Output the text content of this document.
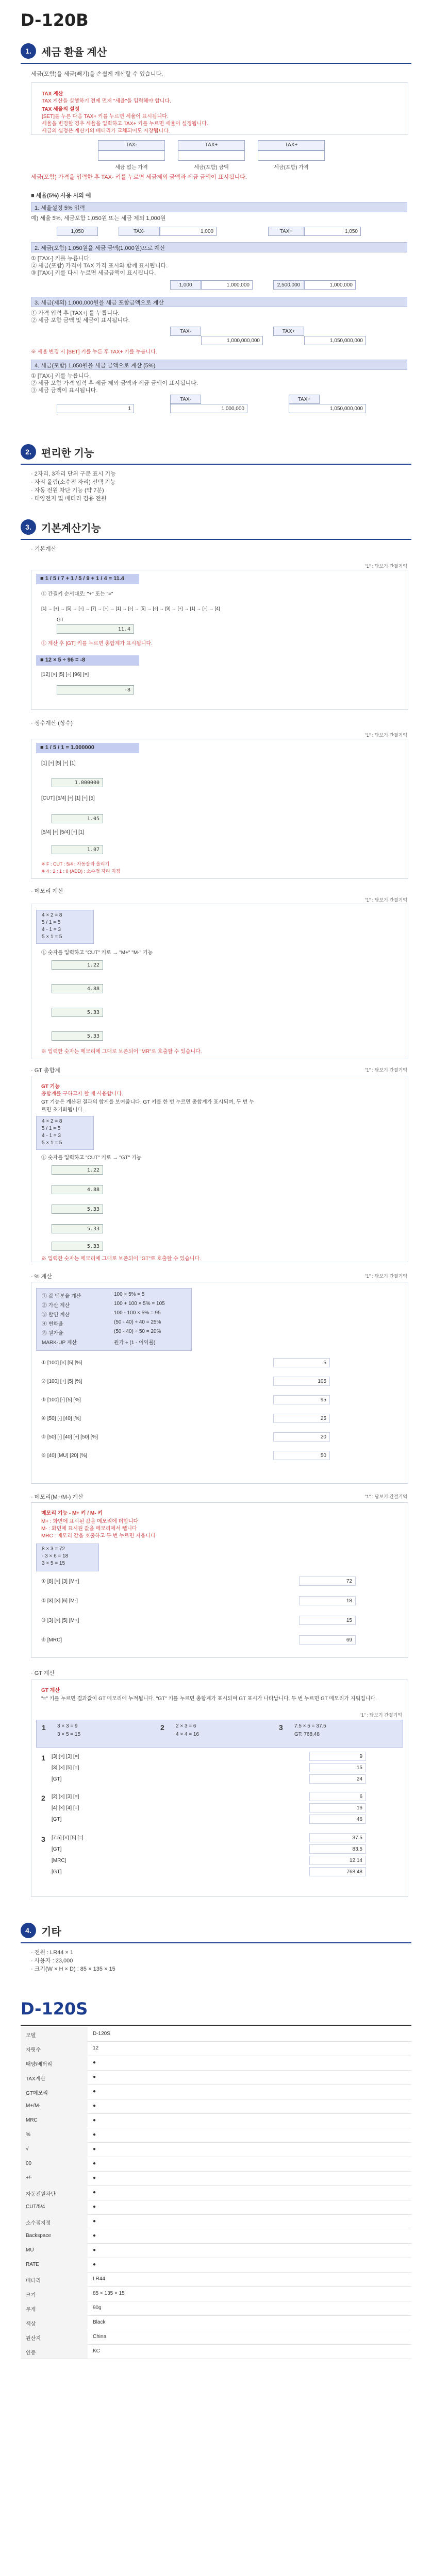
D-120B
1. 세금 환율 계산
세금(포함)을 세금(빼기)을 손쉽게 계산할 수 있습니다.
TAX 계산
TAX 계산을 실행하기 전에 먼저 "세율"을 입력해야 합니다.
TAX 세율의 설정
[SET]를 누른 다음 TAX+ 키를 누르면 세율이 표시됩니다.
세율을 변경할 경우 세율을 입력하고 TAX+ 키를 누르면 세율이 설정됩니다.
세금의 설정은 계산기의 배터리가 교체되어도 저장됩니다.
TAX-	TAX+	TAX+
세금 없는 가격	세금(포함) 금액	세금(포함) 가격
세금(포함) 가격을 입력한 후 TAX- 키를 누르면 세금제외 금액과 세금 금액이 표시됩니다.
■ 세율(5%) 사용 시의 예
1. 세율설정 5% 입력
예) 세율 5%, 세금포함 1,050원 또는 세금 제외 1,000원
1,050	TAX-	1,000	TAX+	1,050
2. 세금(포함) 1,050원을 세금 금액(1,000원)으로 계산
① [TAX-] 키를 누릅니다.
② 세금(포함) 가격이 TAX 가격 표시와 함께 표시됩니다.
③ [TAX-] 키를 다시 누르면 세금금액이 표시됩니다.
1,000	1,000,000	2,500,000	1,000,000
3. 세금(제외) 1,000,000원을 세금 포함금액으로 계산
① 가격 입력 후 [TAX+] 를 누릅니다.
② 세금 포함 금액 및 세금이 표시됩니다.
TAX-
1,000,000,000
TAX+
1,050,000,000
※ 세율 변경 시 [SET] 키를 누른 후 TAX+ 키를 누릅니다.
4. 세금(포함) 1,050원을 세금 금액으로 계산 (5%)
① [TAX-] 키를 누릅니다.
② 세금 포함 가격 입력 후 세금 제외 금액과 세금 금액이 표시됩니다.
③ 세금 금액이 표시됩니다.
1
TAX-
1,000,000
TAX+
1,050,000,000
2. 편리한 기능
· 2자리, 3자리 단위 구분 표시 기능
· 자리 올림(소수점 자리) 선택 기능
· 자동 전원 차단 기능 (약 7분)
· 태양전지 및 배터리 겸용 전원
3. 기본계산기능
· 기본계산
"1" : 답보기 간결기억
■ 1 / 5 / 7 + 1 / 5 / 9 + 1 / 4 = 11.4
① 간결키 순서대로: "+" 또는 "="
[1] → [+] → [5] → [÷] → [7] → [+] → [1] → [÷] → [5] → [÷] → [9] → [+] → [1] → [÷] → [4]
GT
11.4
① 계산 후 [GT] 키를 누르면 총합계가 표시됩니다.
■ 12 × 5 ÷ 96 = -8
[12] [×] [5] [÷] [96] [=]
-8
· 정수계산 (상수)
"1" : 답보기 간결기억
■ 1 / 5 / 1 = 1.000000
[1] [÷] [5] [÷] [1]
1.000000
[CUT] [5/4] [÷] [1] [÷] [5]
1.05
[5/4] [÷] [5/4] [÷] [1]
1.07
※ F : CUT : 5/4 : 자동잘라 올리기
※ 4 : 2 : 1 : 0 (ADD) : 소수점 자리 지정
· 메모리 계산
"1" : 답보기 간결기억
4 × 2 = 8
5 / 1 = 5
4 - 1 = 3
5 × 1 = 5
① 숫자를 입력하고 "CUT" 키로 → "M+" "M-" 기능
1.22
4.88
5.33
5.33
※ 입력한 숫자는 메모리에 그대로 보존되어 "MR"로 호출할 수 있습니다.
· GT 총합계	"1" : 답보기 간결기억
GT 기능
총합계를 구하고자 할 때 사용합니다.
GT 기능은 계산된 결과의 합계를 보여줍니다. GT 키를 한 번 누르면 총합계가 표시되며, 두 번 누르면 초기화됩니다.
4 × 2 = 8
5 / 1 = 5
4 - 1 = 3
5 × 1 = 5
① 숫자를 입력하고 "CUT" 키로 → "GT" 기능
1.22
4.88
5.33
5.33
5.33
※ 입력한 숫자는 메모리에 그대로 보존되어 "GT"로 호출할 수 있습니다.
· % 계산	"1" : 답보기 간결기억
① 값 백분율 계산	100 × 5% = 5
② 가산 계산	100 + 100 × 5% = 105
③ 할인 계산	100 - 100 × 5% = 95
④ 변화율	(50 - 40) ÷ 40 = 25%
⑤ 원가율	(50 - 40) ÷ 50 = 20%
MARK-UP 계산	원가 ÷ (1 - 이익률)
① [100] [×] [5] [%]	5
② [100] [+] [5] [%]	105
③ [100] [-] [5] [%]	95
④ [50] [-] [40] [%]	25
⑤ [50] [-] [40] [÷] [50] [%]	20
⑥ [40] [MU] [20] [%]	50
· 메모리(M+/M-) 계산	"1" : 답보기 간결기억
메모리 기능 - M+ 키 / M- 키
M+ : 화면에 표시된 값을 메모리에 더합니다
M- : 화면에 표시된 값을 메모리에서 뺍니다
MRC : 메모리 값을 호출하고 두 번 누르면 지웁니다
8 × 3 = 72
- 3 × 6 = 18
3 × 5 = 15
① [8] [×] [3] [M+]	72
② [3] [×] [6] [M-]	18
③ [3] [×] [5] [M+]	15
④ [MRC]	69
· GT 계산
GT 계산
"=" 키를 누르면 결과값이 GT 메모리에 누적됩니다. "GT" 키를 누르면 총합계가 표시되며 GT 표시가 나타납니다. 두 번 누르면 GT 메모리가 지워집니다.
"1" : 답보기 간결기억
1 3 × 3 = 9
3 × 5 = 15
2 2 × 3 = 6
4 × 4 = 16
3 7.5 × 5 = 37.5
GT: 768.48
1 [3] [×] [3] [=]	9
[3] [×] [5] [=]	15
[GT]	24
2 [2] [×] [3] [=]	6
[4] [×] [4] [=]	16
[GT]	46
3 [7.5] [×] [5] [=]	37.5
[GT]	83.5
[MRC]	12.14
[GT]	768.48
4. 기타
· 전원 : LR44 × 1
· 사용자 : 23,000
· 크기(W × H × D) : 85 × 135 × 15
D-120S
모델	D-120S
자릿수	12
태양/배터리	●
TAX계산	●
GT메모리	●
M+/M-	●
MRC	●
%	●
√	●
00	●
+/-	●
자동전원차단	●
CUT/5/4	●
소수점지정	●
Backspace	●
MU	●
RATE	●
배터리	LR44
크기	85 × 135 × 15
무게	90g
색상	Black
원산지	China
인증	KC
